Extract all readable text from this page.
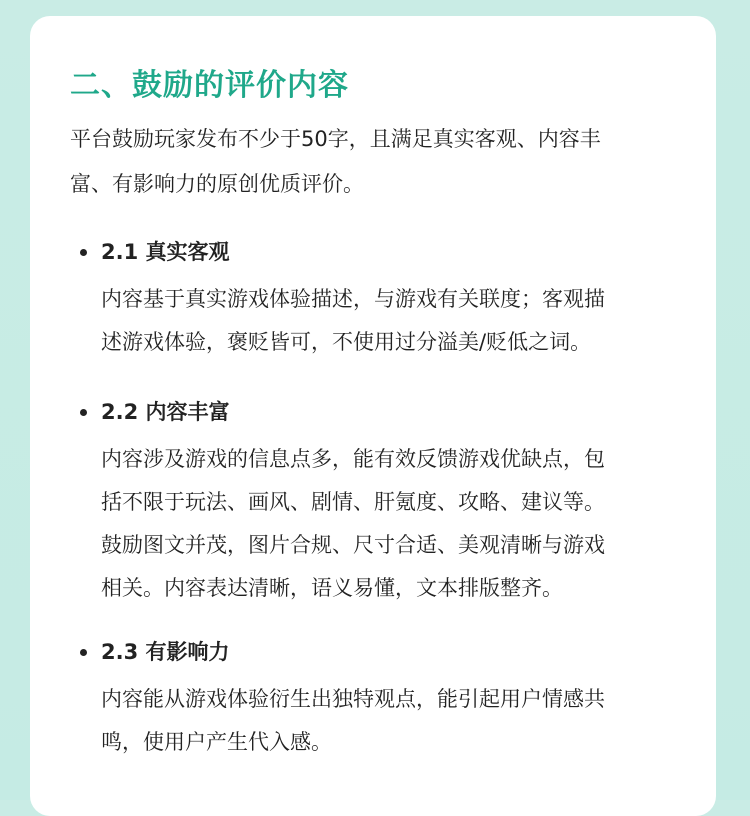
二、鼓励的评价内容
平台鼓励玩家发布不少于50字，且满足真实客观、内容丰
富、有影响力的原创优质评价。
2.1 真实客观
内容基于真实游戏体验描述，与游戏有关联度；客观描
述游戏体验，褒贬皆可，不使用过分溢美/贬低之词。
2.2 内容丰富
内容涉及游戏的信息点多，能有效反馈游戏优缺点，包
括不限于玩法、画风、剧情、肝氪度、攻略、建议等。
鼓励图文并茂，图片合规、尺寸合适、美观清晰与游戏
相关。内容表达清晰，语义易懂，文本排版整齐。
2.3 有影响力
内容能从游戏体验衍生出独特观点，能引起用户情感共
鸣，使用户产生代入感。
